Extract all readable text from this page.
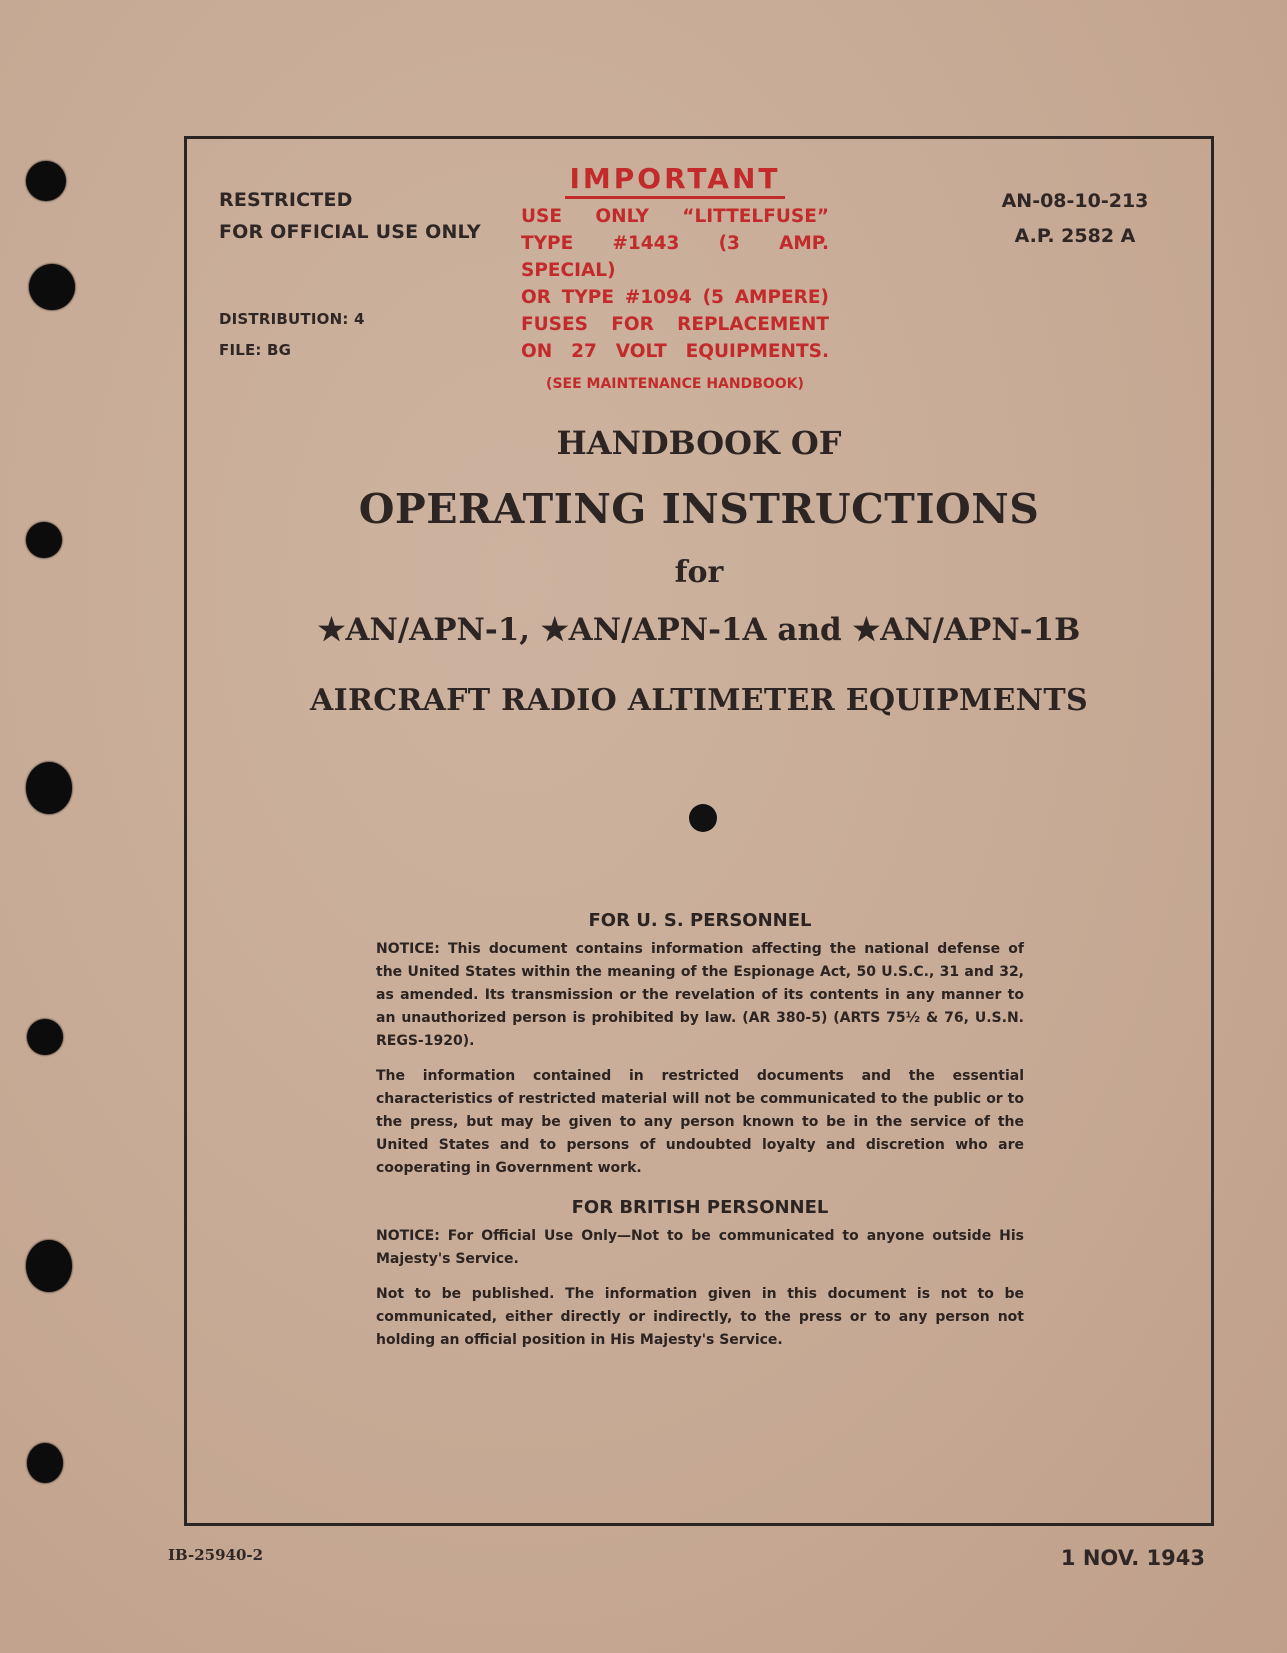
RESTRICTED
FOR OFFICIAL USE ONLY
DISTRIBUTION: 4
FILE: BG
AN-08-10-213
A.P. 2582 A
IMPORTANT
USE ONLY “LITTELFUSE”
TYPE #1443 (3 AMP. SPECIAL)
OR TYPE #1094 (5 AMPERE)
FUSES FOR REPLACEMENT
ON 27 VOLT EQUIPMENTS.
(SEE MAINTENANCE HANDBOOK)
HANDBOOK OF
OPERATING INSTRUCTIONS
for
★AN/APN-1, ★AN/APN-1A and ★AN/APN-1B
AIRCRAFT RADIO ALTIMETER EQUIPMENTS
FOR U. S. PERSONNEL

NOTICE: This document contains information affecting the national defense of the United States within the meaning of the Espionage Act, 50 U.S.C., 31 and 32, as amended. Its transmission or the revelation of its contents in any manner to an unauthorized person is prohibited by law. (AR 380-5) (ARTS 75½ & 76, U.S.N. REGS-1920).

The information contained in restricted documents and the essential characteristics of restricted material will not be communicated to the public or to the press, but may be given to any person known to be in the service of the United States and to persons of undoubted loyalty and discretion who are cooperating in Government work.

FOR BRITISH PERSONNEL

NOTICE: For Official Use Only—Not to be communicated to anyone outside His Majesty's Service.

Not to be published. The information given in this document is not to be communicated, either directly or indirectly, to the press or to any person not holding an official position in His Majesty's Service.

IB-25940-2	1 NOV. 1943
